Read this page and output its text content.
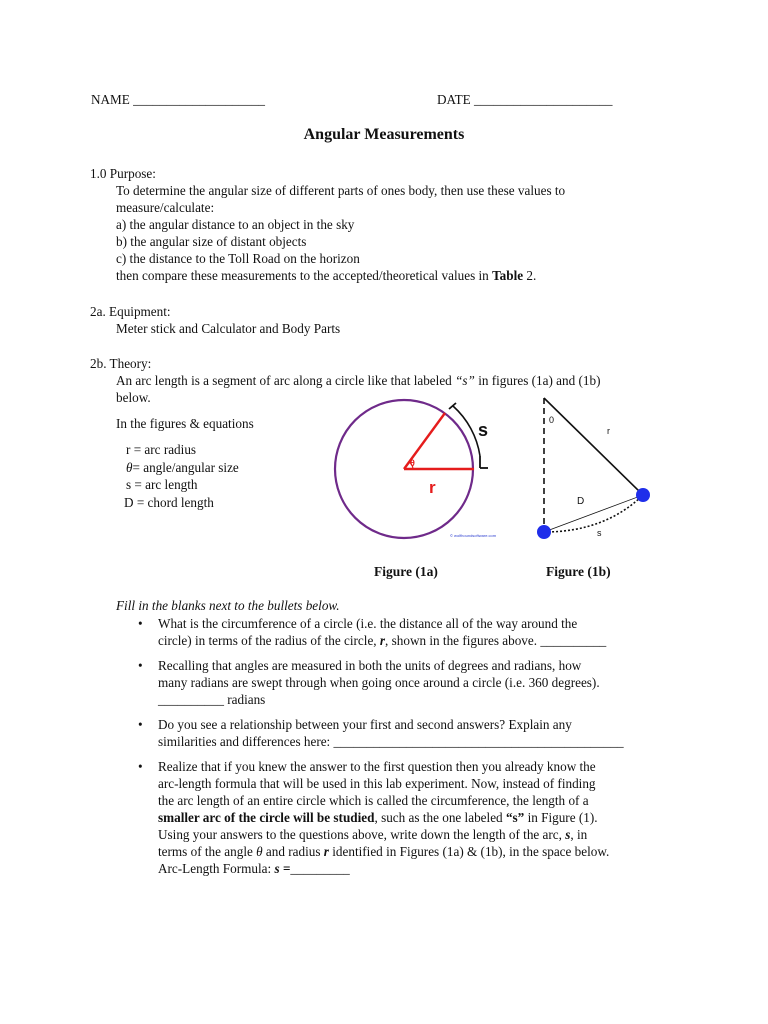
NAME ____________________	DATE _____________________
Angular Measurements
1.0 Purpose:
To determine the angular size of different parts of ones body, then use these values to
measure/calculate:
a) the angular distance to an object in the sky
b) the angular size of distant objects
c) the distance to the Toll Road on the horizon
then compare these measurements to the accepted/theoretical values in Table 2.
2a. Equipment:
Meter stick and Calculator and Body Parts
2b. Theory:
An arc length is a segment of arc along a circle like that labeled “s” in figures (1a) and (1b)
below.
In the figures & equations
r = arc radius
θ= angle/angular size
s = arc length
D = chord length
s
r
θ
© wolfhoundsoftware.com
0
r
D
s
Figure (1a)	Figure (1b)
Fill in the blanks next to the bullets below.
• What is the circumference of a circle (i.e. the distance all of the way around the
circle) in terms of the radius of the circle, r, shown in the figures above. __________
• Recalling that angles are measured in both the units of degrees and radians, how
many radians are swept through when going once around a circle (i.e. 360 degrees).
__________ radians
• Do you see a relationship between your first and second answers? Explain any
similarities and differences here: ____________________________________________
• Realize that if you knew the answer to the first question then you already know the
arc-length formula that will be used in this lab experiment. Now, instead of finding
the arc length of an entire circle which is called the circumference, the length of a
smaller arc of the circle will be studied, such as the one labeled “s” in Figure (1).
Using your answers to the questions above, write down the length of the arc, s, in
terms of the angle θ and radius r identified in Figures (1a) & (1b), in the space below.
Arc-Length Formula: s =_________
